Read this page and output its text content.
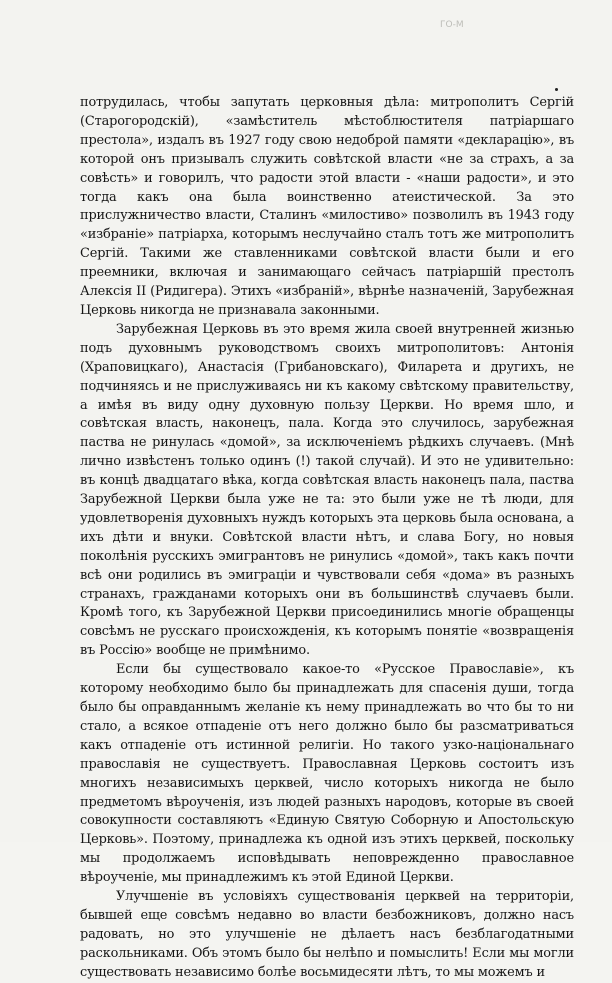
ГО-М

потрудилась, чтобы запутать церковныя дѣла: митрополитъ Сергій (Старогородскій), «замѣститель мѣстоблюстителя патріаршаго престола», издалъ въ 1927 году свою недоброй памяти «декларацію», въ которой онъ призывалъ служить совѣтской власти «не за страхъ, а за совѣсть» и говорилъ, что радости этой власти - «наши радости», и это тогда какъ она была воинственно атеистической. За это прислужничество власти, Сталинъ «милостиво» позволилъ въ 1943 году «избраніе» патріарха, которымъ неслучайно сталъ тотъ же митрополитъ Сергій. Такими же ставленниками совѣтской власти были и его преемники, включая и занимающаго сейчасъ патріаршій престолъ Алексія II (Ридигера). Этихъ «избраній», вѣрнѣе назначеній, Зарубежная Церковь никогда не признавала законными.

Зарубежная Церковь въ это время жила своей внутренней жизнью подъ духовнымъ руководствомъ своихъ митрополитовъ: Антонія (Храповицкаго), Анастасія (Грибановскаго), Филарета и другихъ, не подчиняясь и не прислуживаясь ни къ какому свѣтскому правительству, а имѣя въ виду одну духовную пользу Церкви. Но время шло, и совѣтская власть, наконецъ, пала. Когда это случилось, зарубежная паства не ринулась «домой», за исключеніемъ рѣдкихъ случаевъ. (Мнѣ лично извѣстенъ только одинъ (!) такой случай). И это не удивительно: въ концѣ двадцатаго вѣка, когда совѣтская власть наконецъ пала, паства Зарубежной Церкви была уже не та: это были уже не тѣ люди, для удовлетворенія духовныхъ нуждъ которыхъ эта церковь была основана, а ихъ дѣти и внуки. Совѣтской власти нѣтъ, и слава Богу, но новыя поколѣнія русскихъ эмигрантовъ не ринулись «домой», такъ какъ почти всѣ они родились въ эмиграціи и чувствовали себя «дома» въ разныхъ странахъ, гражданами которыхъ они въ большинствѣ случаевъ были. Кромѣ того, къ Зарубежной Церкви присоединились многіе обращенцы совсѣмъ не русскаго происхожденія, къ которымъ понятіе «возвращенія въ Россію» вообще не примѣнимо.

Если бы существовало какое-то «Русское Православіе», къ которому необходимо было бы принадлежать для спасенія души, тогда было бы оправданнымъ желаніе къ нему принадлежать во что бы то ни стало, а всякое отпаденіе отъ него должно было бы разсматриваться какъ отпаденіе отъ истинной религіи. Но такого узко-національнаго православія не существуетъ. Православная Церковь состоитъ изъ многихъ независимыхъ церквей, число которыхъ никогда не было предметомъ вѣроученія, изъ людей разныхъ народовъ, которые въ своей совокупности составляютъ «Единую Святую Соборную и Апостольскую Церковь». Поэтому, принадлежа къ одной изъ этихъ церквей, поскольку мы продолжаемъ исповѣдывать неповрежденно православное вѣроученіе, мы принадлежимъ къ этой Единой Церкви.

Улучшеніе въ условіяхъ существованія церквей на территоріи, бывшей еще совсѣмъ недавно во власти безбожниковъ, должно насъ радовать, но это улучшеніе не дѣлаетъ насъ безблагодатными раскольниками. Объ этомъ было бы нелѣпо и помыслить! Если мы могли существовать независимо болѣе восьмидесяти лѣтъ, то мы можемъ и
